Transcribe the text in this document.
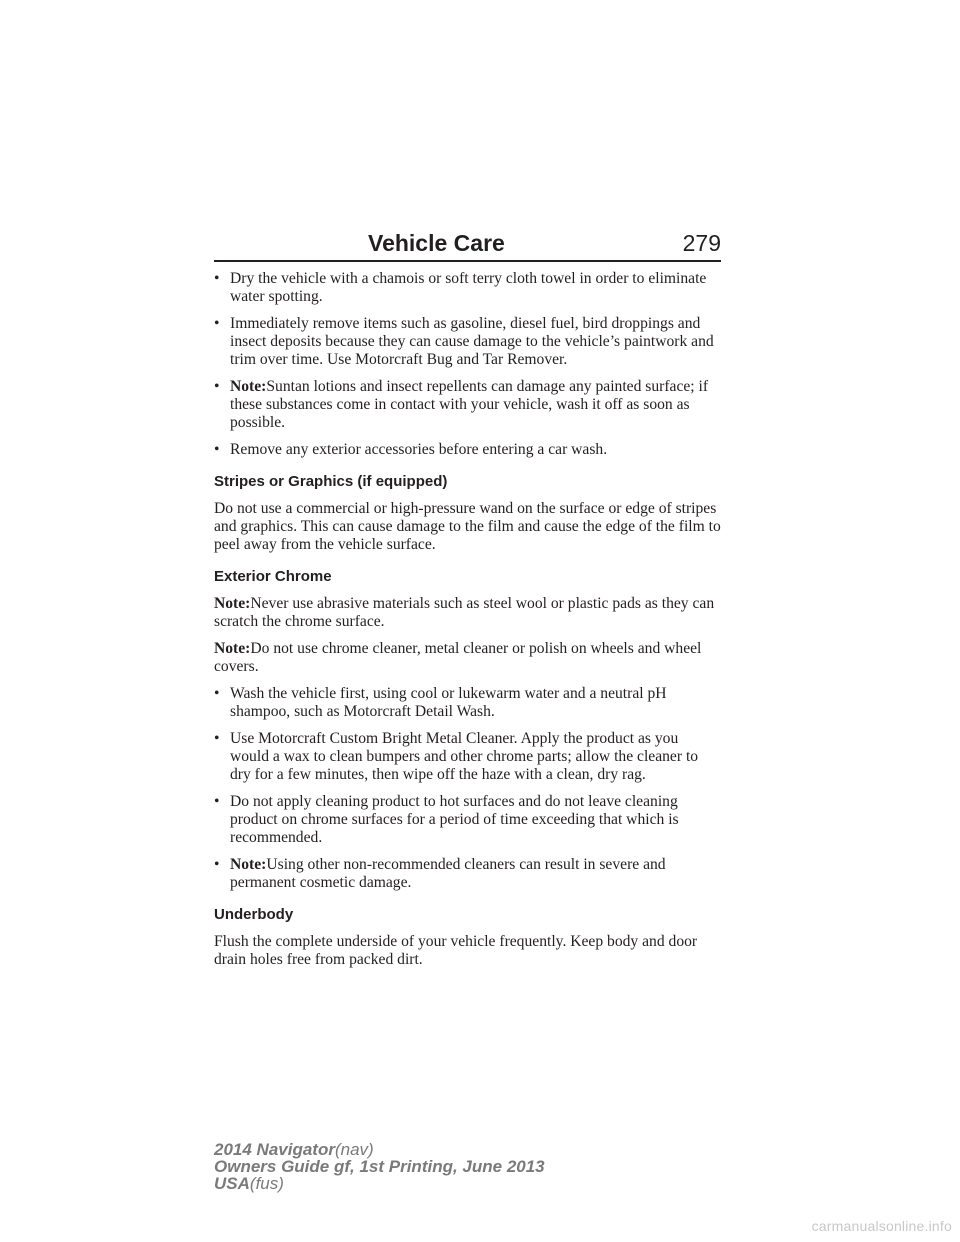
Vehicle Care	279
• Dry the vehicle with a chamois or soft terry cloth towel in order to eliminate water spotting.
• Immediately remove items such as gasoline, diesel fuel, bird droppings and insect deposits because they can cause damage to the vehicle’s paintwork and trim over time. Use Motorcraft Bug and Tar Remover.
• Note:Suntan lotions and insect repellents can damage any painted surface; if these substances come in contact with your vehicle, wash it off as soon as possible.
• Remove any exterior accessories before entering a car wash.
Stripes or Graphics (if equipped)
Do not use a commercial or high-pressure wand on the surface or edge of stripes and graphics. This can cause damage to the film and cause the edge of the film to peel away from the vehicle surface.
Exterior Chrome
Note:Never use abrasive materials such as steel wool or plastic pads as they can scratch the chrome surface.
Note:Do not use chrome cleaner, metal cleaner or polish on wheels and wheel covers.
• Wash the vehicle first, using cool or lukewarm water and a neutral pH shampoo, such as Motorcraft Detail Wash.
• Use Motorcraft Custom Bright Metal Cleaner. Apply the product as you would a wax to clean bumpers and other chrome parts; allow the cleaner to dry for a few minutes, then wipe off the haze with a clean, dry rag.
• Do not apply cleaning product to hot surfaces and do not leave cleaning product on chrome surfaces for a period of time exceeding that which is recommended.
• Note:Using other non-recommended cleaners can result in severe and permanent cosmetic damage.
Underbody
Flush the complete underside of your vehicle frequently. Keep body and door drain holes free from packed dirt.
2014 Navigator(nav)
Owners Guide gf, 1st Printing, June 2013
USA(fus)
carmanualsonline.info
